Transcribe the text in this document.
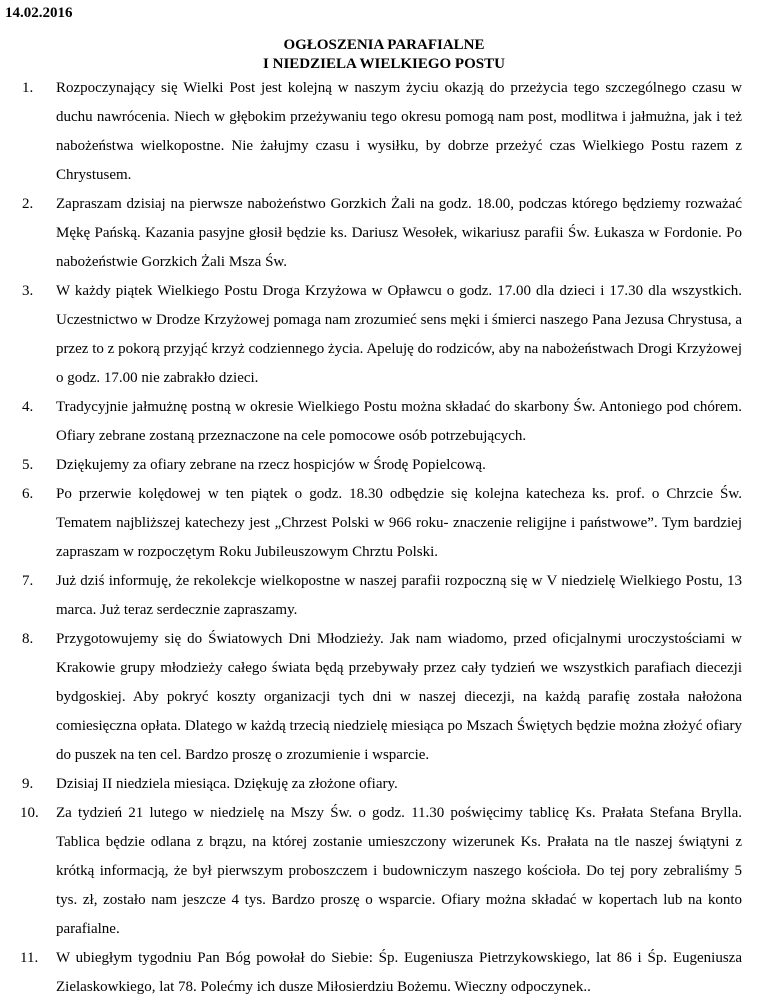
14.02.2016
OGŁOSZENIA PARAFIALNE
I NIEDZIELA WIELKIEGO POSTU
1.	Rozpoczynający się Wielki Post jest kolejną w naszym życiu okazją do przeżycia tego szczególnego czasu w duchu nawrócenia. Niech w głębokim przeżywaniu tego okresu pomogą nam post, modlitwa i jałmużna, jak i też nabożeństwa wielkopostne. Nie żałujmy czasu i wysiłku, by dobrze przeżyć czas Wielkiego Postu razem z Chrystusem.
2.	Zapraszam dzisiaj na pierwsze nabożeństwo Gorzkich Żali na godz. 18.00, podczas którego będziemy rozważać Mękę Pańską. Kazania pasyjne głosił będzie ks. Dariusz Wesołek, wikariusz parafii Św. Łukasza w Fordonie. Po nabożeństwie Gorzkich Żali Msza Św.
3.	W każdy piątek Wielkiego Postu Droga Krzyżowa w Opławcu o godz. 17.00 dla dzieci i 17.30 dla wszystkich. Uczestnictwo w Drodze Krzyżowej pomaga nam zrozumieć sens męki i śmierci naszego Pana Jezusa Chrystusa, a przez to z pokorą przyjąć krzyż codziennego życia. Apeluję do rodziców, aby na nabożeństwach Drogi Krzyżowej o godz. 17.00 nie zabrakło dzieci.
4.	Tradycyjnie jałmużnę postną w okresie Wielkiego Postu można składać do skarbony Św. Antoniego pod chórem. Ofiary zebrane zostaną przeznaczone na cele pomocowe osób potrzebujących.
5.	Dziękujemy za ofiary zebrane na rzecz hospicjów w Środę Popielcową.
6.	Po przerwie kolędowej w ten piątek o godz. 18.30 odbędzie się kolejna katecheza ks. prof. o Chrzcie Św. Tematem najbliższej katechezy jest „Chrzest Polski w 966 roku- znaczenie religijne i państwowe”. Tym bardziej zapraszam w rozpoczętym Roku Jubileuszowym Chrztu Polski.
7.	Już dziś informuję, że rekolekcje wielkopostne w naszej parafii rozpoczną się w V niedzielę Wielkiego Postu, 13 marca. Już teraz serdecznie zapraszamy.
8.	Przygotowujemy się do Światowych Dni Młodzieży. Jak nam wiadomo, przed oficjalnymi uroczystościami w Krakowie grupy młodzieży całego świata będą przebywały przez cały tydzień we wszystkich parafiach diecezji bydgoskiej. Aby pokryć koszty organizacji tych dni w naszej diecezji, na każdą parafię została nałożona comiesięczna opłata. Dlatego w każdą trzecią niedzielę miesiąca po Mszach Świętych będzie można złożyć ofiary do puszek na ten cel. Bardzo proszę o zrozumienie i wsparcie.
9.	Dzisiaj II niedziela miesiąca. Dziękuję za złożone ofiary.
10.	Za tydzień 21 lutego w niedzielę na Mszy Św. o godz. 11.30 poświęcimy tablicę Ks. Prałata Stefana Brylla. Tablica będzie odlana z brązu, na której zostanie umieszczony wizerunek Ks. Prałata na tle naszej świątyni z krótką informacją, że był pierwszym proboszczem i budowniczym naszego kościoła. Do tej pory zebraliśmy 5 tys. zł, zostało nam jeszcze 4 tys. Bardzo proszę o wsparcie. Ofiary można składać w kopertach lub na konto parafialne.
11.	W ubiegłym tygodniu Pan Bóg powołał do Siebie: Śp. Eugeniusza Pietrzykowskiego, lat 86 i Śp. Eugeniusza Zielaskowkiego, lat 78. Polećmy ich dusze Miłosierdziu Bożemu. Wieczny odpoczynek..
